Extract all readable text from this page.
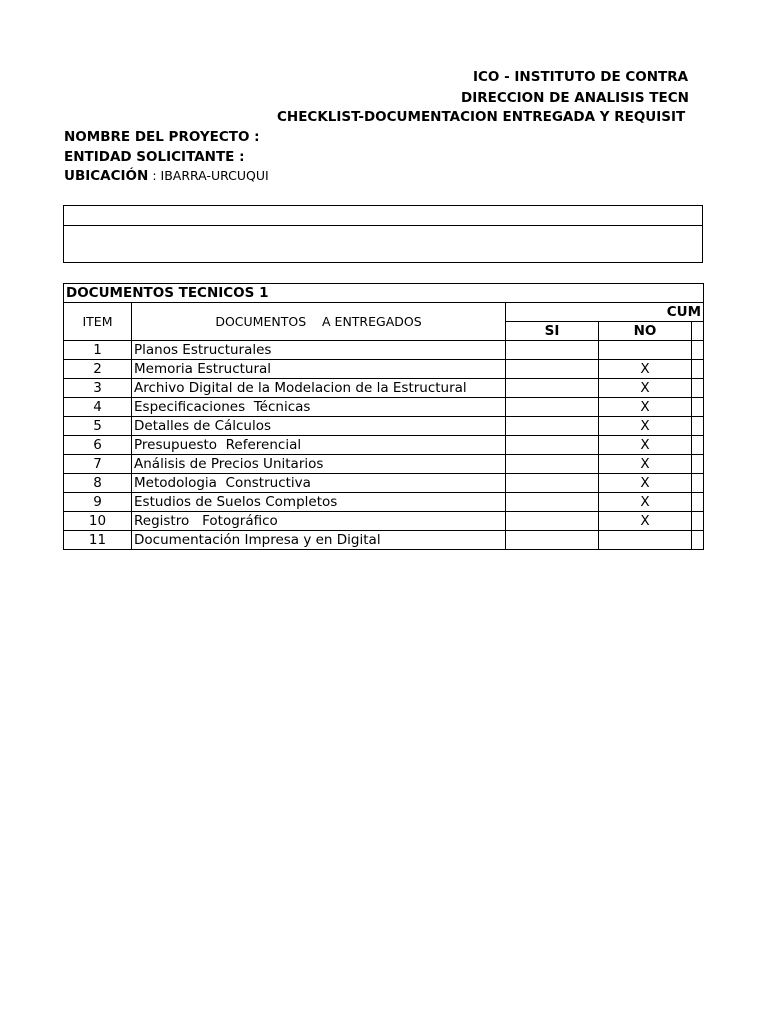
ICO - INSTITUTO DE CONTRA
DIRECCION DE ANALISIS TECN
CHECKLIST-DOCUMENTACION ENTREGADA Y REQUISIT
NOMBRE DEL PROYECTO :
ENTIDAD SOLICITANTE :
UBICACIÓN : IBARRA-URCUQUI
DOCUMENTOS TECNICOS 1				
ITEM	DOCUMENTOS    A ENTREGADOS	CUM		
		SI	NO	
1	Planos Estructurales			
2	Memoria Estructural		X	
3	Archivo Digital de la Modelacion de la Estructural		X	
4	Especificaciones  Técnicas		X	
5	Detalles de Cálculos		X	
6	Presupuesto  Referencial		X	
7	Análisis de Precios Unitarios		X	
8	Metodologia  Constructiva		X	
9	Estudios de Suelos Completos		X	
10	Registro   Fotográfico		X	
11	Documentación Impresa y en Digital			
